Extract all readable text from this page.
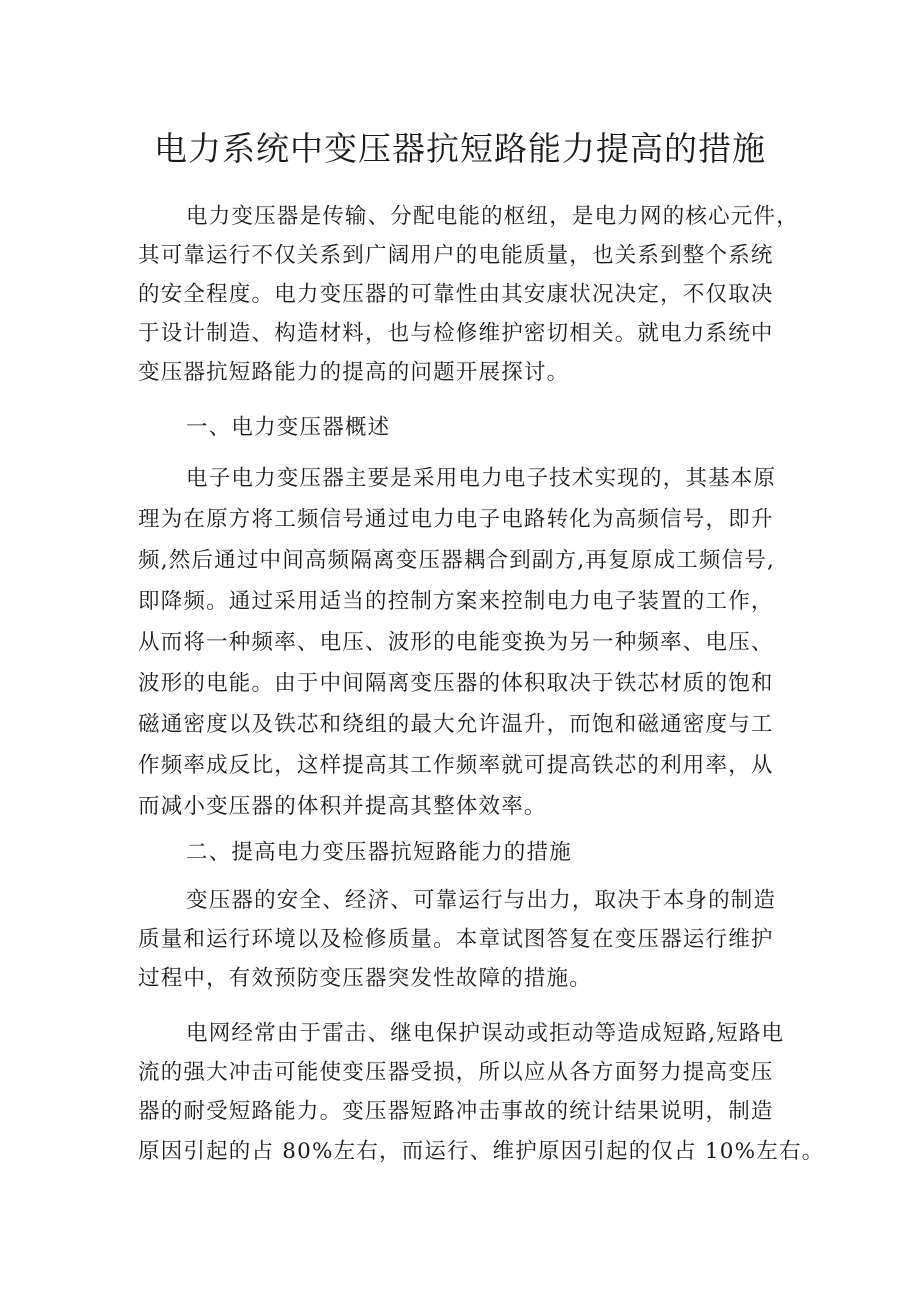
电力系统中变压器抗短路能力提高的措施

电力变压器是传输、分配电能的枢纽，是电力网的核心元件，

其可靠运行不仅关系到广阔用户的电能质量，也关系到整个系统

的安全程度。电力变压器的可靠性由其安康状况决定，不仅取决

于设计制造、构造材料，也与检修维护密切相关。就电力系统中

变压器抗短路能力的提高的问题开展探讨。

一、电力变压器概述

电子电力变压器主要是采用电力电子技术实现的，其基本原

理为在原方将工频信号通过电力电子电路转化为高频信号，即升

频,然后通过中间高频隔离变压器耦合到副方,再复原成工频信号,

即降频。通过采用适当的控制方案来控制电力电子装置的工作，

从而将一种频率、电压、波形的电能变换为另一种频率、电压、

波形的电能。由于中间隔离变压器的体积取决于铁芯材质的饱和

磁通密度以及铁芯和绕组的最大允许温升，而饱和磁通密度与工

作频率成反比，这样提高其工作频率就可提高铁芯的利用率，从

而减小变压器的体积并提高其整体效率。

二、提高电力变压器抗短路能力的措施

变压器的安全、经济、可靠运行与出力，取决于本身的制造

质量和运行环境以及检修质量。本章试图答复在变压器运行维护

过程中，有效预防变压器突发性故障的措施。

电网经常由于雷击、继电保护误动或拒动等造成短路,短路电

流的强大冲击可能使变压器受损，所以应从各方面努力提高变压

器的耐受短路能力。变压器短路冲击事故的统计结果说明，制造

原因引起的占 80%左右，而运行、维护原因引起的仅占 10%左右。
